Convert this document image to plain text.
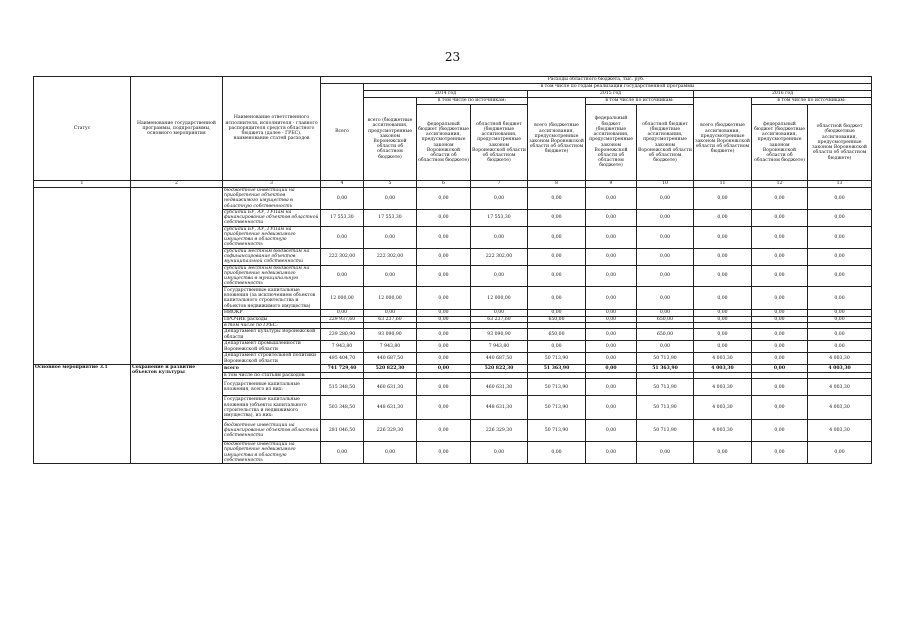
23
Статус	Наименование государственной программы, подпрограммы, основного мероприятия	Наименование ответственного исполнителя, исполнителя - главного распорядителя средств областного бюджета (далее - ГРБС), наименование статей расходов	Расходы областного бюджета, тыс. руб.									
			Всего	в том числе по годам реализации государственной программы								
				2014 год			2015 год			2016 год		
				всего (бюджетные ассигнования, предусмотренные законом Воронежской области об областном бюджете)	в том числе по источникам:		всего (бюджетные ассигнования, предусмотренные законом Воронежской области об областном бюджете)	в том числе по источникам:		всего (бюджетные ассигнования, предусмотренные законом Воронежской области об областном бюджете)	в том числе по источникам:	
					федеральный бюджет (бюджетные ассигнования, предусмотренные законом Воронежской области об областном бюджете)	областной бюджет (бюджетные ассигнования, предусмотренные законом Воронежской области об областном бюджете)		федеральный бюджет (бюджетные ассигнования, предусмотренные законом Воронежской области об областном бюджете)	областной бюджет (бюджетные ассигнования, предусмотренные законом Воронежской области об областном бюджете)		федеральный бюджет (бюджетные ассигнования, предусмотренные законом Воронежской области об областном бюджете)	областной бюджет (бюджетные ассигнования, предусмотренные законом Воронежской области об областном бюджете)
1	2	3	4	5	6	7	8	9	10	11	12	13
		бюджетные инвестиции на приобретение объектов недвижимого имущества в областную собственность	0,00	0,00	0,00	0,00	0,00	0,00	0,00	0,00	0,00	0,00
		субсидии БУ, АУ, ГУПам на финансирование объектов областной собственности	17 553,30	17 553,30	0,00	17 553,30	0,00	0,00	0,00	0,00	0,00	0,00
		субсидии БУ, АУ, ГУПам на приобретение недвижимого имущества в областную собственность	0,00	0,00	0,00	0,00	0,00	0,00	0,00	0,00	0,00	0,00
		субсидии местным бюджетам на софинансирование объектов муниципальной собственности	222 302,00	222 302,00	0,00	222 302,00	0,00	0,00	0,00	0,00	0,00	0,00
		субсидии местным бюджетам на приобретение недвижимого имущества в муниципальную собственность	0,00	0,00	0,00	0,00	0,00	0,00	0,00	0,00	0,00	0,00
		Государственные капитальные вложения (за исключением объектов капитального строительства и объектов недвижимого имущества)	12 000,00	12 000,00	0,00	12 000,00	0,00	0,00	0,00	0,00	0,00	0,00
		НИОКР	0,00	0,00	0,00	0,00	0,00	0,00	0,00	0,00	0,00	0,00
		ПРОЧИЕ расходы	229 937,60	63 237,60	0,00	63 237,60	650,00	0,00	650,00	0,00	0,00	0,00
		в том числе по ГРБС:										
		Департамент культуры Воронежской области	239 280,90	93 090,90	0,00	93 090,90	650,00	0,00	650,00	0,00	0,00	0,00
		Департамент промышленности Воронежской области	7 943,80	7 943,80	0,00	7 943,80	0,00	0,00	0,00	0,00	0,00	0,00
		Департамент строительной политики Воронежской области	495 404,70	440 687,50	0,00	440 687,50	50 713,90	0,00	50 713,90	4 003,30	0,00	4 003,30
Основное мероприятие 3.1	Сохранение и развитие объектов культуры	всего	741 729,40	520 822,30	0,00	520 822,30	51 363,90	0,00	51 363,90	4 003,30	0,00	4 003,30
		в том числе по статьям расходов:										
		Государственные капитальные вложения, всего из них:	515 348,50	460 631,30	0,00	460 631,30	50 713,90	0,00	50 713,90	4 003,30	0,00	4 003,30
		Государственные капитальные вложения (объекты капитального строительства и недвижимого имущества), из них:	503 348,50	448 631,30	0,00	448 631,30	50 713,90	0,00	50 713,90	4 003,30	0,00	4 003,30
		бюджетные инвестиции на финансирование объектов областной собственности	281 046,50	226 329,30	0,00	226 329,30	50 713,90	0,00	50 713,90	4 003,30	0,00	4 003,30
		бюджетные инвестиции на приобретение недвижимого имущества в областную собственность	0,00	0,00	0,00	0,00	0,00	0,00	0,00	0,00	0,00	0,00
